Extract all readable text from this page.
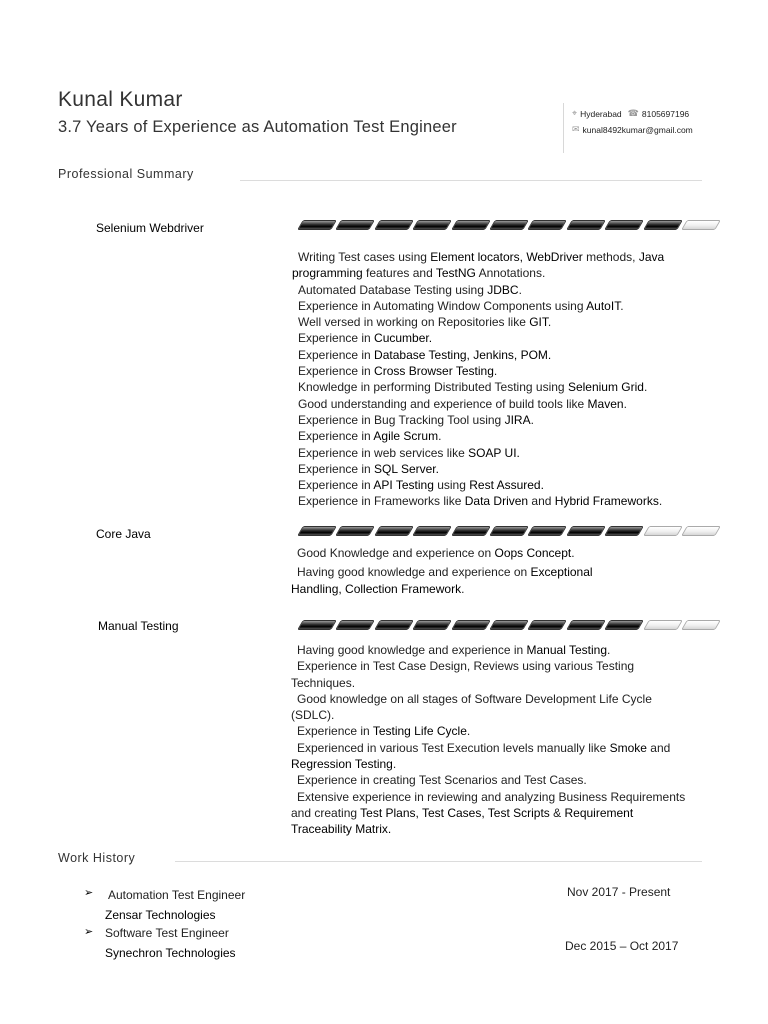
Kunal Kumar
3.7 Years of Experience as Automation Test Engineer
⌖ Hyderabad ☎ 8105697196
✉ kunal8492kumar@gmail.com
Professional Summary
Selenium Webdriver
Writing Test cases using Element locators, WebDriver methods, Java
programming features and TestNG Annotations.
Automated Database Testing using JDBC.
Experience in Automating Window Components using AutoIT.
Well versed in working on Repositories like GIT.
Experience in Cucumber.
Experience in Database Testing, Jenkins, POM.
Experience in Cross Browser Testing.
Knowledge in performing Distributed Testing using Selenium Grid.
Good understanding and experience of build tools like Maven.
Experience in Bug Tracking Tool using JIRA.
Experience in Agile Scrum.
Experience in web services like SOAP UI.
Experience in SQL Server.
Experience in API Testing using Rest Assured.
Experience in Frameworks like Data Driven and Hybrid Frameworks.
Core Java
Good Knowledge and experience on Oops Concept.
Having good knowledge and experience on Exceptional
Handling, Collection Framework.
Manual Testing
Having good knowledge and experience in Manual Testing.
Experience in Test Case Design, Reviews using various Testing
Techniques.
Good knowledge on all stages of Software Development Life Cycle
(SDLC).
Experience in Testing Life Cycle.
Experienced in various Test Execution levels manually like Smoke and
Regression Testing.
Experience in creating Test Scenarios and Test Cases.
Extensive experience in reviewing and analyzing Business Requirements
and creating Test Plans, Test Cases, Test Scripts & Requirement
Traceability Matrix.
Work History
➢ Automation Test Engineer
Zensar Technologies
Nov 2017 - Present
➢ Software Test Engineer
Synechron Technologies	Dec 2015 – Oct 2017
